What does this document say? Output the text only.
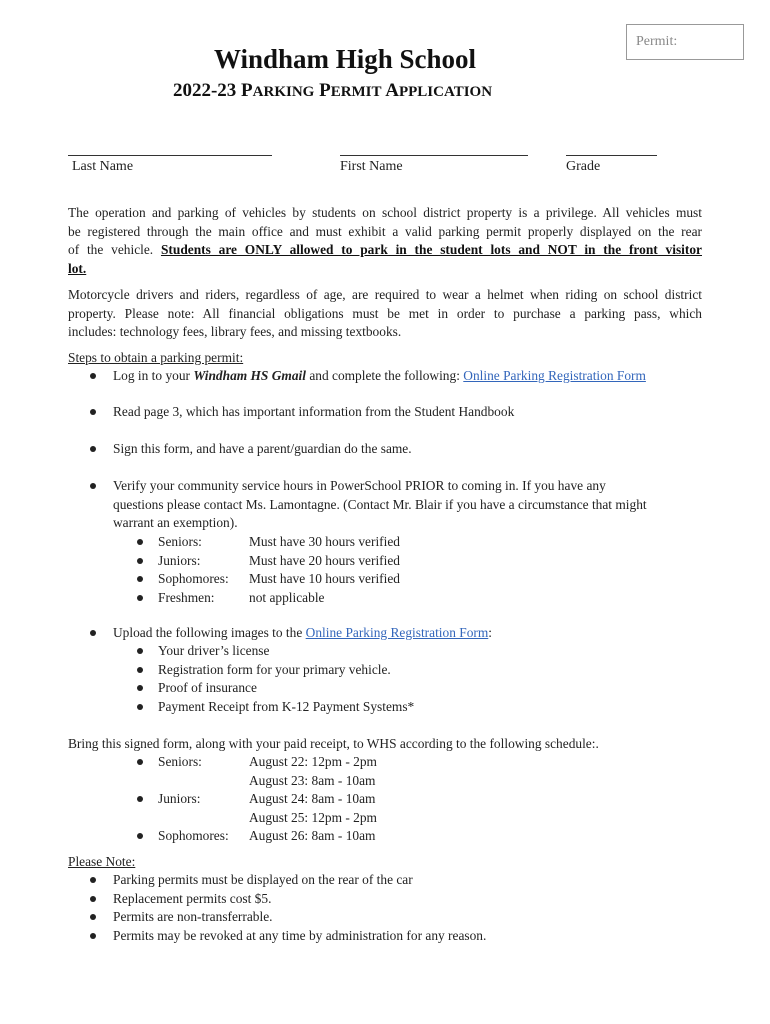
Permit:
Windham High School
2022-23 PARKING PERMIT APPLICATION
Last Name	First Name	Grade
The operation and parking of vehicles by students on school district property is a privilege. All vehicles must
be registered through the main office and must exhibit a valid parking permit properly displayed on the rear
of the vehicle. Students are ONLY allowed to park in the student lots and NOT in the front visitor
lot.
Motorcycle drivers and riders, regardless of age, are required to wear a helmet when riding on school district
property. Please note: All financial obligations must be met in order to purchase a parking pass, which
includes: technology fees, library fees, and missing textbooks.
Steps to obtain a parking permit:
Log in to your Windham HS Gmail and complete the following: Online Parking Registration Form
Read page 3, which has important information from the Student Handbook
Sign this form, and have a parent/guardian do the same.
Verify your community service hours in PowerSchool PRIOR to coming in. If you have any
questions please contact Ms. Lamontagne. (Contact Mr. Blair if you have a circumstance that might
warrant an exemption).
Seniors:	Must have 30 hours verified
Juniors:	Must have 20 hours verified
Sophomores: Must have 10 hours verified
Freshmen:	not applicable
Upload the following images to the Online Parking Registration Form:
Your driver’s license
Registration form for your primary vehicle.
Proof of insurance
Payment Receipt from K-12 Payment Systems*
Bring this signed form, along with your paid receipt, to WHS according to the following schedule:.
Seniors:	August 22: 12pm - 2pm
August 23: 8am - 10am
Juniors:	August 24: 8am - 10am
August 25: 12pm - 2pm
Sophomores: August 26: 8am - 10am
Please Note:
Parking permits must be displayed on the rear of the car
Replacement permits cost $5.
Permits are non-transferrable.
Permits may be revoked at any time by administration for any reason.
